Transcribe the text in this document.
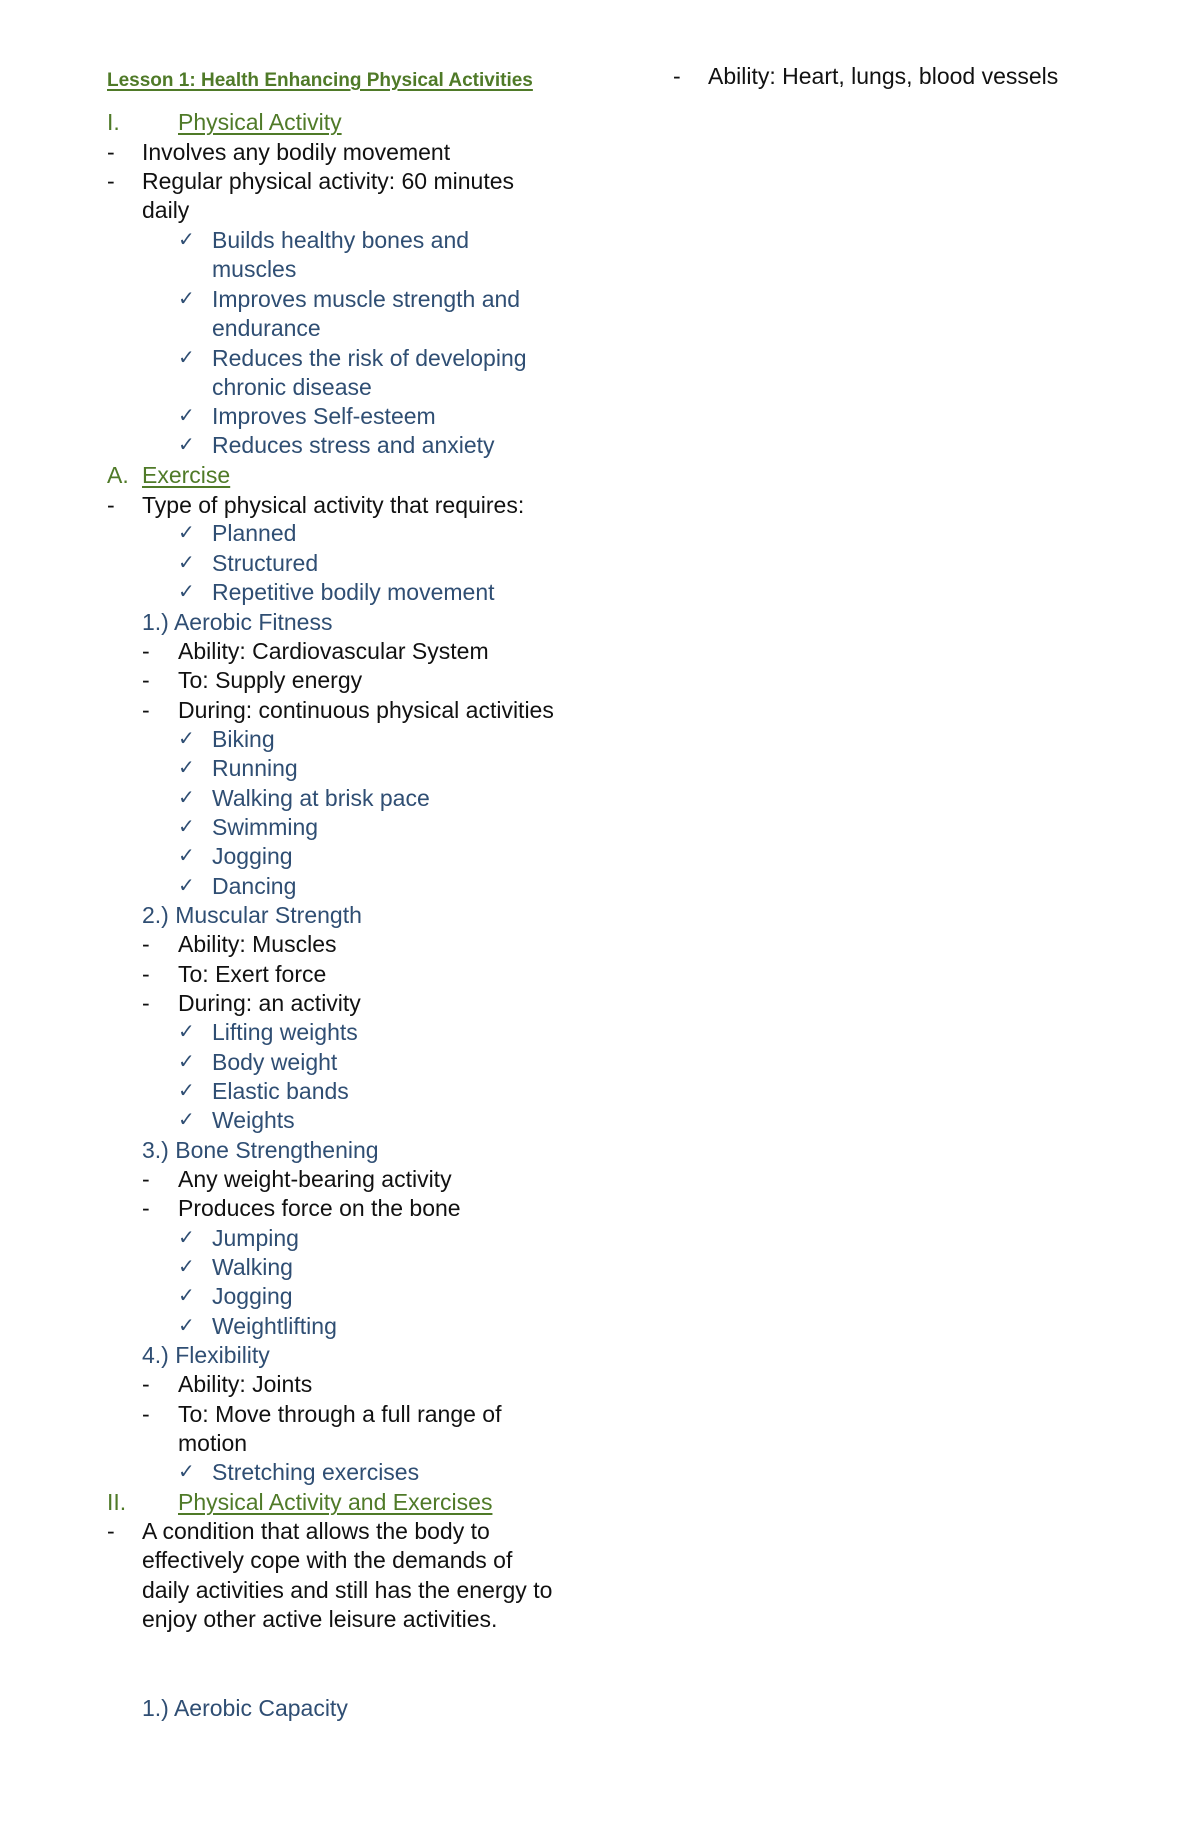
Lesson 1: Health Enhancing Physical Activities
I.	Physical Activity
- Involves any bodily movement
- Regular physical activity: 60 minutes
daily
✓ Builds healthy bones and
muscles
✓ Improves muscle strength and
endurance
✓ Reduces the risk of developing
chronic disease
✓ Improves Self-esteem
✓ Reduces stress and anxiety
A. Exercise
- Type of physical activity that requires:
✓ Planned
✓ Structured
✓ Repetitive bodily movement
1.) Aerobic Fitness
- Ability: Cardiovascular System
- To: Supply energy
- During: continuous physical activities
✓ Biking
✓ Running
✓ Walking at brisk pace
✓ Swimming
✓ Jogging
✓ Dancing
2.) Muscular Strength
- Ability: Muscles
- To: Exert force
- During: an activity
✓ Lifting weights
✓ Body weight
✓ Elastic bands
✓ Weights
3.) Bone Strengthening
- Any weight-bearing activity
- Produces force on the bone
✓ Jumping
✓ Walking
✓ Jogging
✓ Weightlifting
4.) Flexibility
- Ability: Joints
- To: Move through a full range of
motion
✓ Stretching exercises
II. Physical Activity and Exercises
- A condition that allows the body to
effectively cope with the demands of
daily activities and still has the energy to
enjoy other active leisure activities.
1.) Aerobic Capacity
- Ability: Heart, lungs, blood vessels
